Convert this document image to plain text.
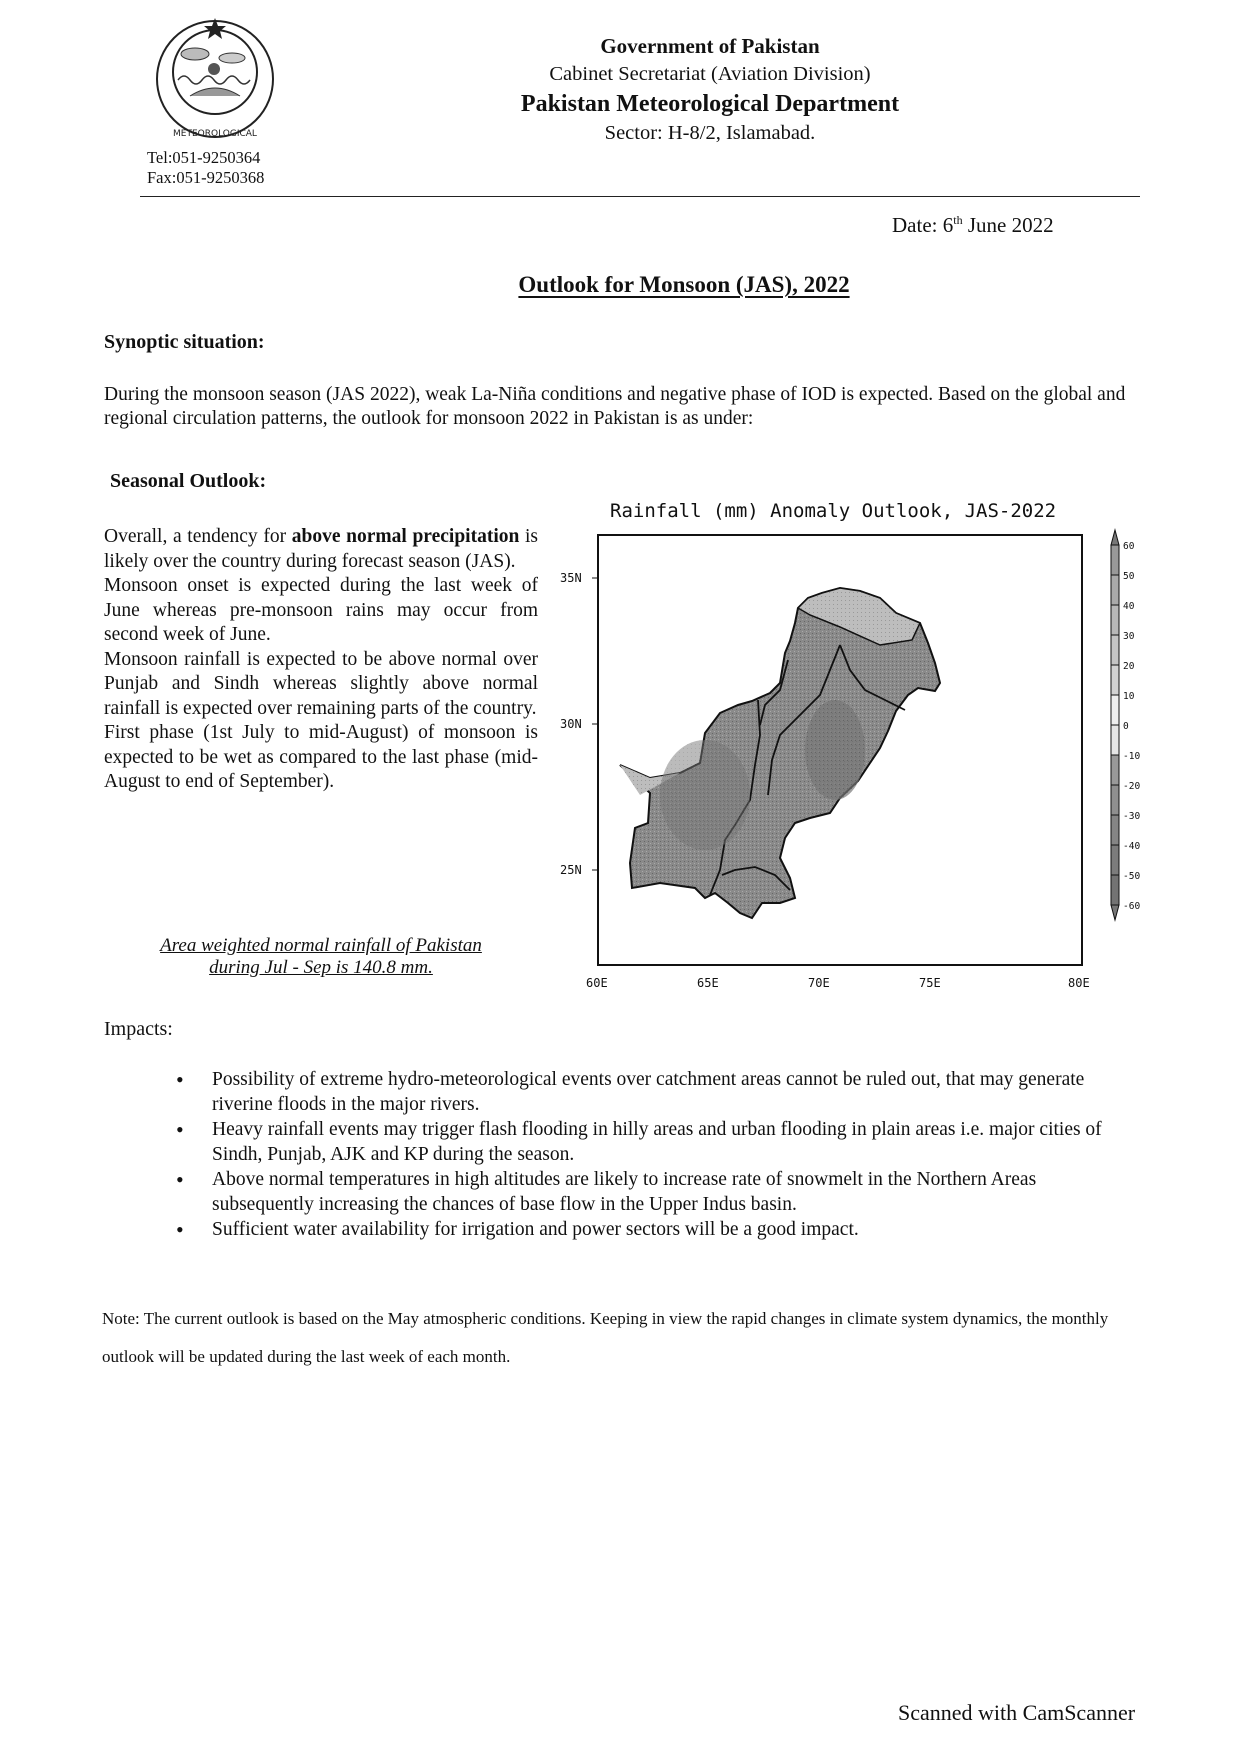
METEOROLOGICAL
Tel:051-9250364
Fax:051-9250368
Government of Pakistan
Cabinet Secretariat (Aviation Division)
Pakistan Meteorological Department
Sector: H-8/2, Islamabad.
Date: 6th June 2022
Outlook for Monsoon (JAS), 2022
Synoptic situation:
During the monsoon season (JAS 2022), weak La-Niña conditions and negative phase of IOD is expected. Based on the global and regional circulation patterns, the outlook for monsoon 2022 in Pakistan is as under:
Seasonal Outlook:

Overall, a tendency for above normal precipitation is likely over the country during forecast season (JAS).

Monsoon onset is expected during the last week of June whereas pre-monsoon rains may occur from second week of June.

Monsoon rainfall is expected to be above normal over Punjab and Sindh whereas slightly above normal rainfall is expected over remaining parts of the country.

First phase (1st July to mid-August) of monsoon is expected to be wet as compared to the last phase (mid-August to end of September).

Area weighted normal rainfall of Pakistan
during Jul - Sep is 140.8 mm.
Rainfall (mm) Anomaly Outlook, JAS-2022
35N
30N
25N
60E	65E	70E	75E	80E
60
50
40
30
20
10
0
-10
-20
-30
-40
-50
-60
Impacts:
• Possibility of extreme hydro-meteorological events over catchment areas cannot be ruled out, that may generate riverine floods in the major rivers.
• Heavy rainfall events may trigger flash flooding in hilly areas and urban flooding in plain areas i.e. major cities of Sindh, Punjab, AJK and KP during the season.
• Above normal temperatures in high altitudes are likely to increase rate of snowmelt in the Northern Areas subsequently increasing the chances of base flow in the Upper Indus basin.
• Sufficient water availability for irrigation and power sectors will be a good impact.
Note: The current outlook is based on the May atmospheric conditions. Keeping in view the rapid changes in climate system dynamics, the monthly outlook will be updated during the last week of each month.
Scanned with CamScanner
